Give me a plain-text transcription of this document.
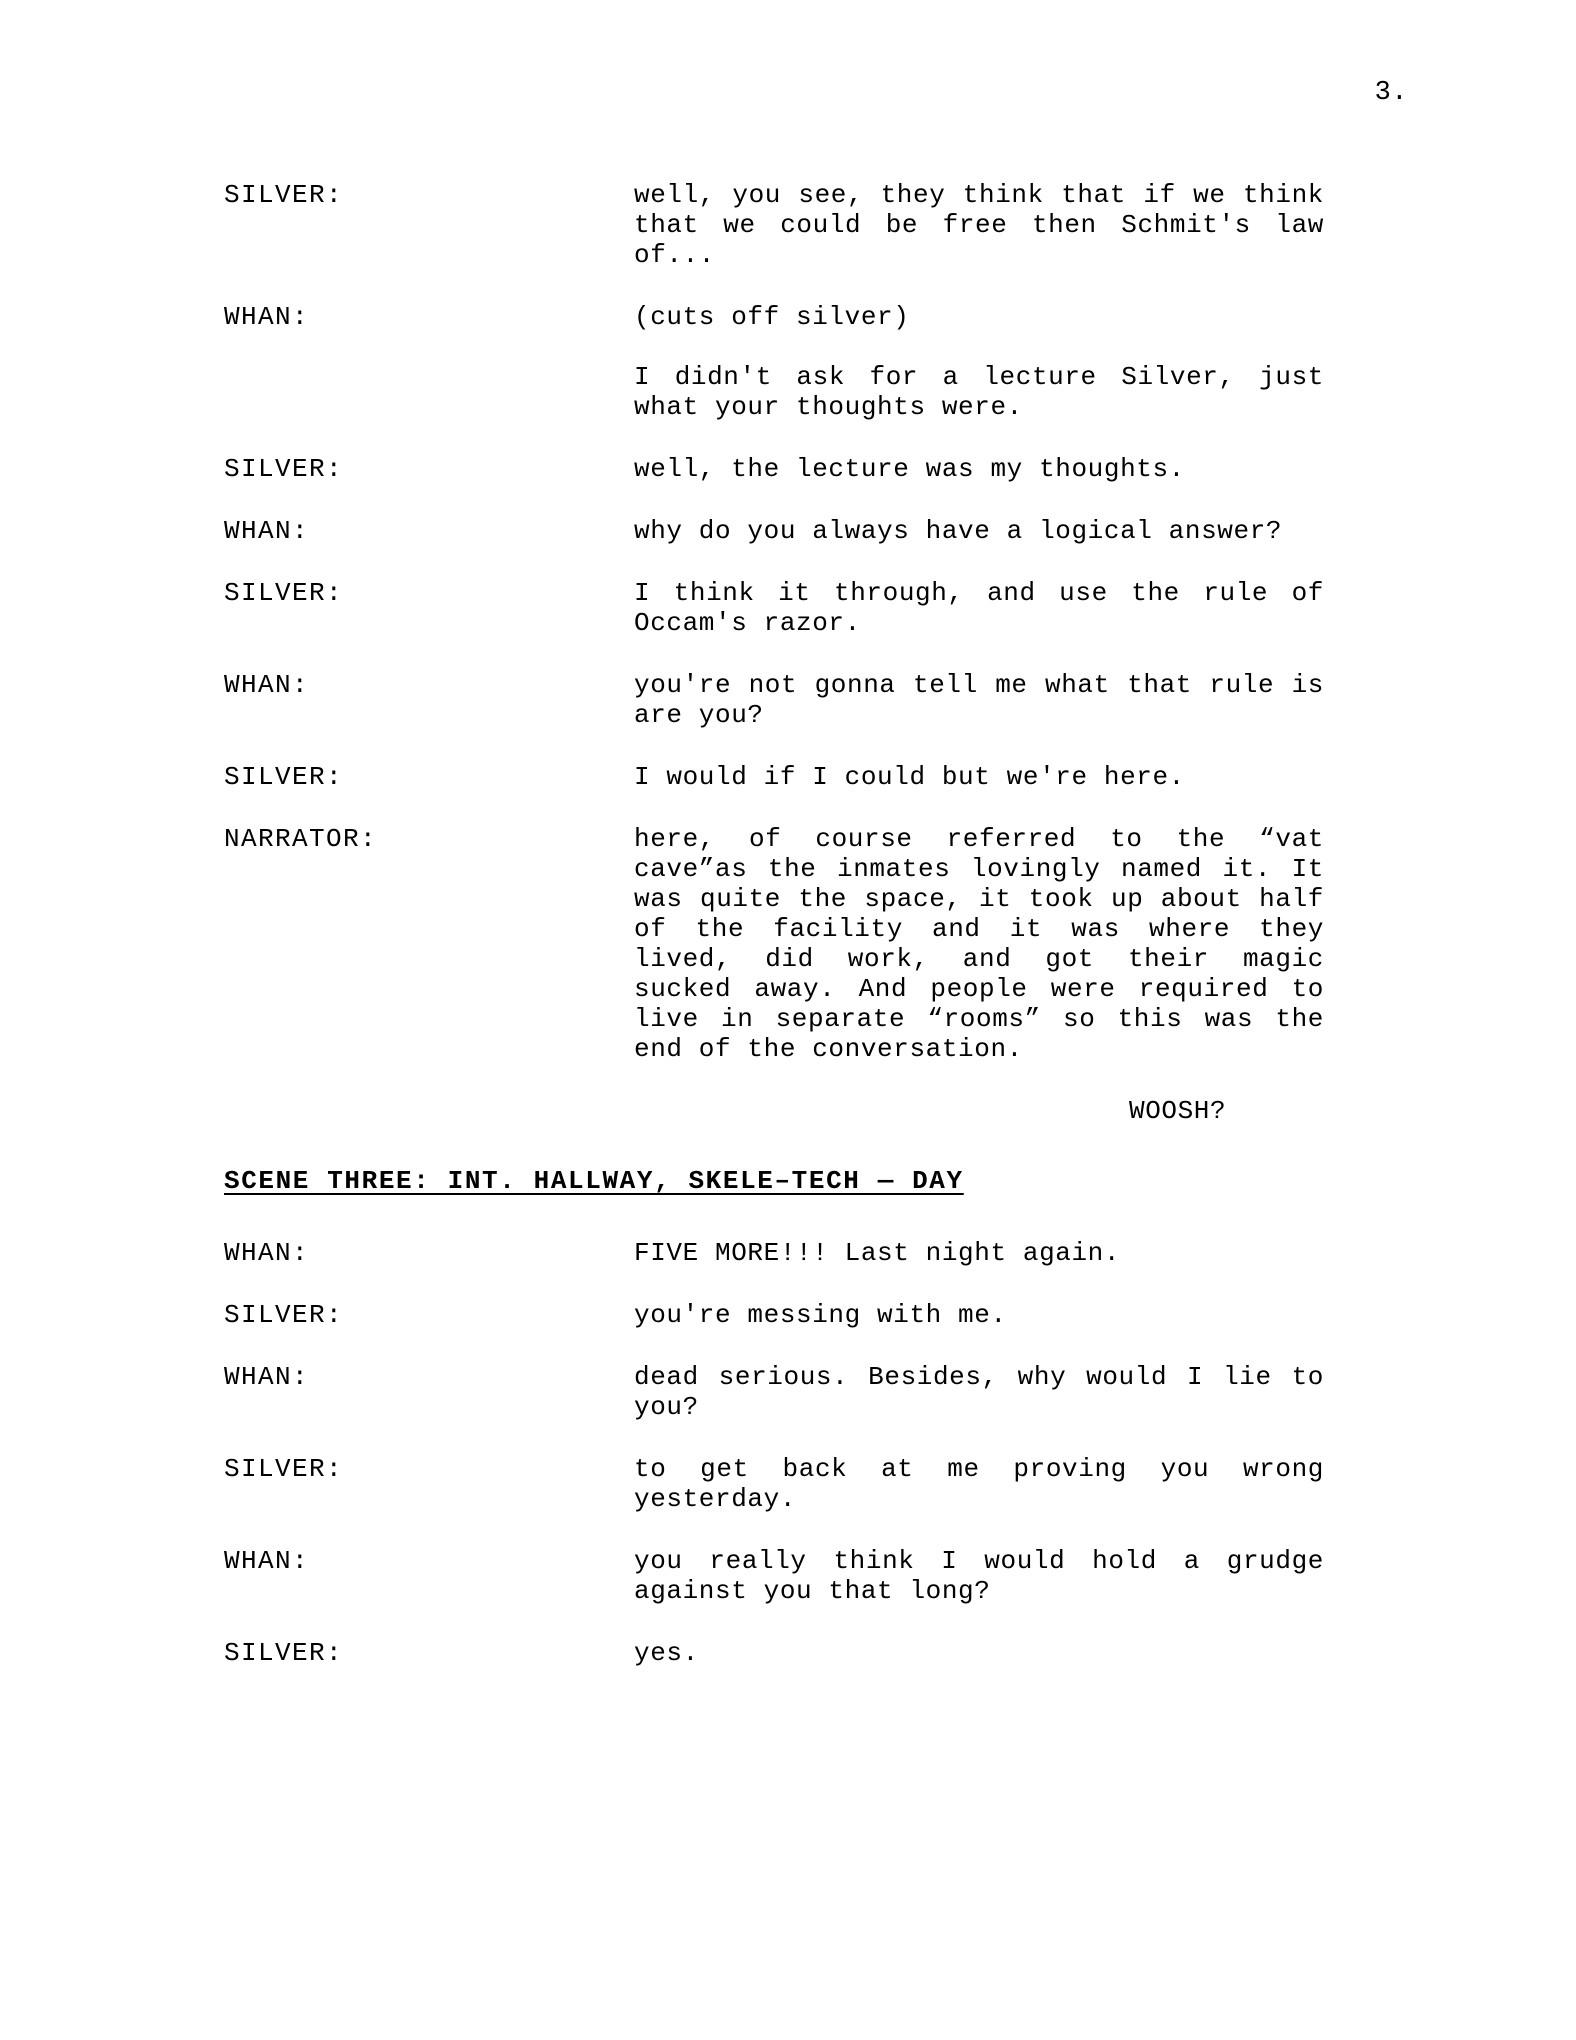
3.
SILVER:	well, you see, they think that if we think that we could be free then Schmit's law of...
WHAN:	(cuts off silver)
I didn't ask for a lecture Silver, just what your thoughts were.
SILVER:	well, the lecture was my thoughts.
WHAN:	why do you always have a logical answer?
SILVER:	I think it through, and use the rule of Occam's razor.
WHAN:	you're not gonna tell me what that rule is are you?
SILVER:	I would if I could but we're here.
NARRATOR:	here, of course referred to the “vat cave”as the inmates lovingly named it. It was quite the space, it took up about half of the facility and it was where they lived, did work, and got their magic sucked away. And people were required to live in separate “rooms” so this was the end of the conversation.
WOOSH?
SCENE THREE: INT. HALLWAY, SKELE–TECH — DAY
WHAN:	FIVE MORE!!! Last night again.
SILVER:	you're messing with me.
WHAN:	dead serious. Besides, why would I lie to you?
SILVER:	to get back at me proving you wrong yesterday.
WHAN:	you really think I would hold a grudge against you that long?
SILVER:	yes.
